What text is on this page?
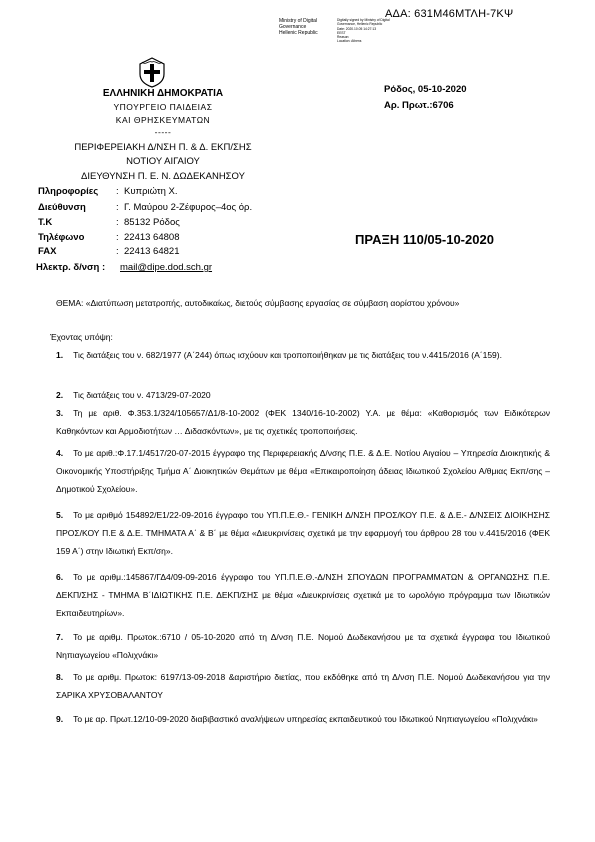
ΑΔΑ: 631Μ46ΜΤΛΗ-7ΚΨ
Ministry of Digital
Governance
Hellenic Republic
Digitally signed by Ministry of Digital
Governance, Hellenic Republic
Date: 2020.10.05 14:27:13
EEST
Reason:
Location: Athens
ΕΛΛΗΝΙΚΗ ΔΗΜΟΚΡΑΤΙΑ
ΥΠΟΥΡΓΕΙΟ ΠΑΙΔΕΙΑΣ
ΚΑΙ ΘΡΗΣΚΕΥΜΑΤΩΝ
-----
ΠΕΡΙΦΕΡΕΙΑΚΗ Δ/ΝΣΗ Π. & Δ. ΕΚΠ/ΣΗΣ
ΝΟΤΙΟΥ ΑΙΓΑΙΟΥ
ΔΙΕΥΘΥΝΣΗ Π. Ε. Ν. ΔΩΔΕΚΑΝΗΣΟΥ
Ρόδος, 05-10-2020
Αρ. Πρωτ.:6706
Πληροφορίες	: Κυπριώτη Χ.
Διεύθυνση	: Γ. Μαύρου 2-Ζέφυρος–4ος όρ.
Τ.Κ	: 85132 Ρόδος
Τηλέφωνο	: 22413 64808
FAX	: 22413 64821
Ηλεκτρ. δ/νση :	mail@dipe.dod.sch.gr
ΠΡΑΞΗ 110/05-10-2020
ΘΕΜΑ: «Διατύπωση μετατροπής, αυτοδικαίως, διετούς σύμβασης εργασίας σε σύμβαση αορίστου χρόνου»
Έχοντας υπόψη:
1. Τις διατάξεις του ν. 682/1977 (Α΄244) όπως ισχύουν και τροποποιήθηκαν με τις διατάξεις του ν.4415/2016 (Α΄159).
2. Τις διατάξεις του ν. 4713/29-07-2020
3. Τη με αριθ. Φ.353.1/324/105657/Δ1/8-10-2002 (ΦΕΚ 1340/16-10-2002) Υ.Α. με θέμα: «Καθορισμός των Ειδικότερων Καθηκόντων και Αρμοδιοτήτων … Διδασκόντων», με τις σχετικές τροποποιήσεις.
4. Το με αριθ.:Φ.17.1/4517/20-07-2015 έγγραφο της Περιφερειακής Δ/νσης Π.Ε. & Δ.Ε. Νοτίου Αιγαίου – Υπηρεσία Διοικητικής & Οικονομικής Υποστήριξης Τμήμα Α΄ Διοικητικών Θεμάτων με θέμα «Επικαιροποίηση άδειας Ιδιωτικού Σχολείου Α/θμιας Εκπ/σης – Δημοτικού Σχολείου».
5. Το με αριθμό 154892/Ε1/22-09-2016 έγγραφο του ΥΠ.Π.Ε.Θ.- ΓΕΝΙΚΗ Δ/ΝΣΗ ΠΡΟΣ/ΚΟΥ Π.Ε. & Δ.Ε.- Δ/ΝΣΕΙΣ ΔΙΟΙΚΗΣΗΣ ΠΡΟΣ/ΚΟΥ Π.Ε & Δ.Ε. ΤΜΗΜΑΤΑ Α΄ & Β΄ με θέμα «Διευκρινίσεις σχετικά με την εφαρμογή του άρθρου 28 του ν.4415/2016 (ΦΕΚ 159 Α΄) στην Ιδιωτική Εκπ/ση».
6. Το με αριθμ.:145867/ΓΔ4/09-09-2016 έγγραφο του ΥΠ.Π.Ε.Θ.-Δ/ΝΣΗ ΣΠΟΥΔΩΝ ΠΡΟΓΡΑΜΜΑΤΩΝ & ΟΡΓΑΝΩΣΗΣ Π.Ε. ΔΕΚΠ/ΣΗΣ - ΤΜΗΜΑ Β΄ΙΔΙΩΤΙΚΗΣ Π.Ε. ΔΕΚΠ/ΣΗΣ με θέμα «Διευκρινίσεις σχετικά με το ωρολόγιο πρόγραμμα των Ιδιωτικών Εκπαιδευτηρίων».
7. Το με αριθμ. Πρωτοκ.:6710 / 05-10-2020 από τη Δ/νση Π.Ε. Νομού Δωδεκανήσου με τα σχετικά έγγραφα του Ιδιωτικού Νηπιαγωγείου «Πολιχνάκι»
8. Το με αριθμ. Πρωτοκ: 6197/13-09-2018 &αριστήριο διετίας, που εκδόθηκε από τη Δ/νση Π.Ε. Νομού Δωδεκανήσου για την ΣΑΡΙΚΑ ΧΡΥΣΟΒΑΛΑΝΤΟΥ
9. Το με αρ. Πρωτ.12/10-09-2020 διαβιβαστικό αναλήψεων υπηρεσίας εκπαιδευτικού του Ιδιωτικού Νηπιαγωγείου «Πολιχνάκι»
